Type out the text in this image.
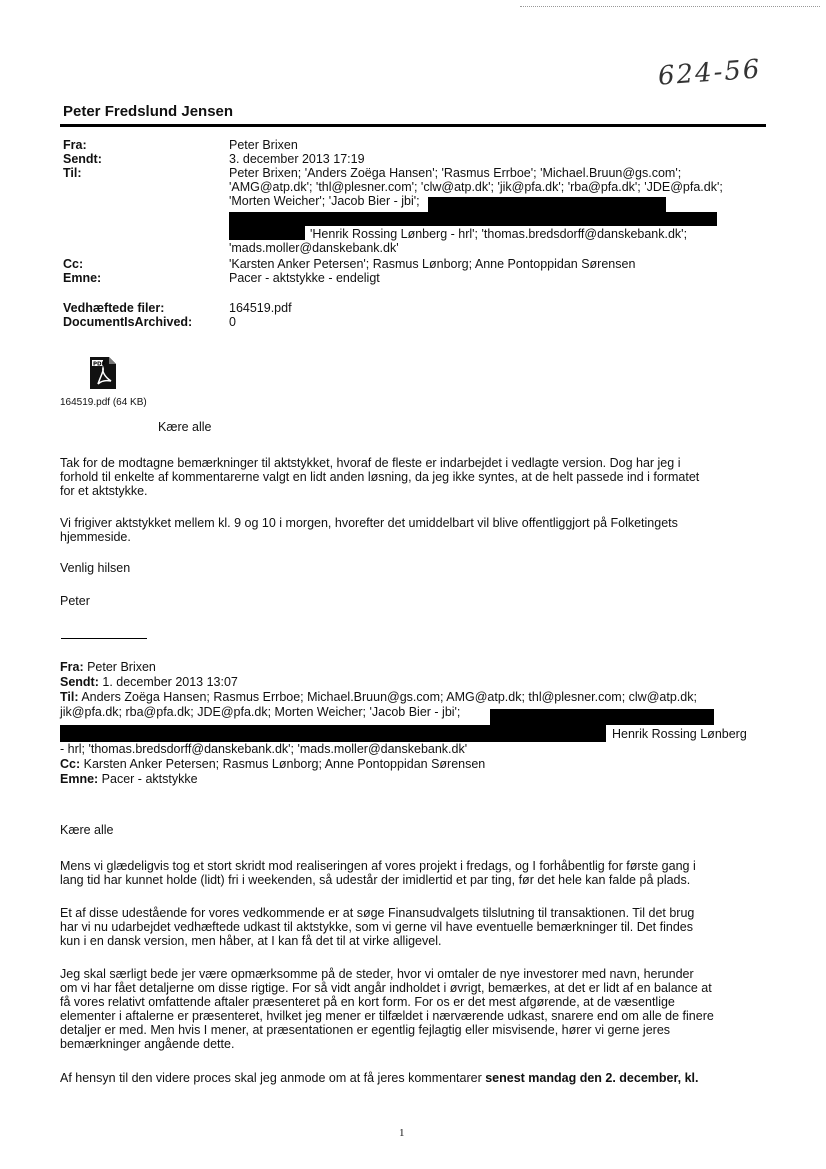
624-56
Peter Fredslund Jensen
Fra:
Sendt:
Til:
Cc:
Emne:
Vedhæftede filer:
DocumentIsArchived:
Peter Brixen
3. december 2013 17:19
Peter Brixen; 'Anders Zoëga Hansen'; 'Rasmus Errboe'; 'Michael.Bruun@gs.com';
'AMG@atp.dk'; 'thl@plesner.com'; 'clw@atp.dk'; 'jik@pfa.dk'; 'rba@pfa.dk'; 'JDE@pfa.dk';
'Morten Weicher'; 'Jacob Bier - jbi';
'Henrik Rossing Lønberg - hrl'; 'thomas.bredsdorff@danskebank.dk';
'mads.moller@danskebank.dk'
'Karsten Anker Petersen'; Rasmus Lønborg; Anne Pontoppidan Sørensen
Pacer - aktstykke - endeligt
164519.pdf
0
PDF
164519.pdf (64 KB)
Kære alle
Tak for de modtagne bemærkninger til aktstykket, hvoraf de fleste er indarbejdet i vedlagte version. Dog har jeg i
forhold til enkelte af kommentarerne valgt en lidt anden løsning, da jeg ikke syntes, at de helt passede ind i formatet
for et aktstykke.
Vi frigiver aktstykket mellem kl. 9 og 10 i morgen, hvorefter det umiddelbart vil blive offentliggjort på Folketingets
hjemmeside.
Venlig hilsen
Peter
Fra: Peter Brixen
Sendt: 1. december 2013 13:07
Til: Anders Zoëga Hansen; Rasmus Errboe; Michael.Bruun@gs.com; AMG@atp.dk; thl@plesner.com; clw@atp.dk;
jik@pfa.dk; rba@pfa.dk; JDE@pfa.dk; Morten Weicher; 'Jacob Bier - jbi';
Henrik Rossing Lønberg
- hrl; 'thomas.bredsdorff@danskebank.dk'; 'mads.moller@danskebank.dk'
Cc: Karsten Anker Petersen; Rasmus Lønborg; Anne Pontoppidan Sørensen
Emne: Pacer - aktstykke
Kære alle
Mens vi glædeligvis tog et stort skridt mod realiseringen af vores projekt i fredags, og I forhåbentlig for første gang i
lang tid har kunnet holde (lidt) fri i weekenden, så udestår der imidlertid et par ting, før det hele kan falde på plads.
Et af disse udestående for vores vedkommende er at søge Finansudvalgets tilslutning til transaktionen. Til det brug
har vi nu udarbejdet vedhæftede udkast til aktstykke, som vi gerne vil have eventuelle bemærkninger til. Det findes
kun i en dansk version, men håber, at I kan få det til at virke alligevel.
Jeg skal særligt bede jer være opmærksomme på de steder, hvor vi omtaler de nye investorer med navn, herunder
om vi har fået detaljerne om disse rigtige. For så vidt angår indholdet i øvrigt, bemærkes, at det er lidt af en balance at
få vores relativt omfattende aftaler præsenteret på en kort form. For os er det mest afgørende, at de væsentlige
elementer i aftalerne er præsenteret, hvilket jeg mener er tilfældet i nærværende udkast, snarere end om alle de finere
detaljer er med. Men hvis I mener, at præsentationen er egentlig fejlagtig eller misvisende, hører vi gerne jeres
bemærkninger angående dette.
Af hensyn til den videre proces skal jeg anmode om at få jeres kommentarer senest mandag den 2. december, kl.
1
